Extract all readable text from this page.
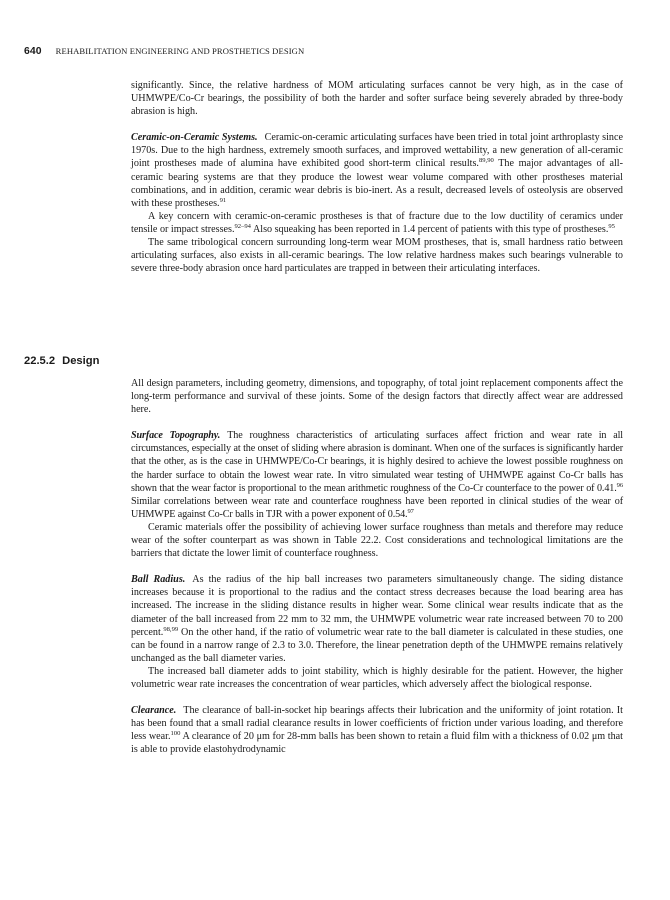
640 REHABILITATION ENGINEERING AND PROSTHETICS DESIGN

significantly. Since, the relative hardness of MOM articulating surfaces cannot be very high, as in the case of UHMWPE/Co-Cr bearings, the possibility of both the harder and softer surface being severely abraded by three-body abrasion is high.

Ceramic-on-Ceramic Systems. Ceramic-on-ceramic articulating surfaces have been tried in total joint arthroplasty since 1970s. Due to the high hardness, extremely smooth surfaces, and improved wettability, a new generation of all-ceramic joint prostheses made of alumina have exhibited good short-term clinical results.$^{89,90}$ The major advantages of all-ceramic bearing systems are that they produce the lowest wear volume compared with other prostheses material combinations, and in addition, ceramic wear debris is bio-inert. As a result, decreased levels of osteolysis are observed with these prostheses.$^{91}$

A key concern with ceramic-on-ceramic prostheses is that of fracture due to the low ductility of ceramics under tensile or impact stresses.$^{92-94}$ Also squeaking has been reported in 1.4 percent of patients with this type of prostheses.$^{95}$

The same tribological concern surrounding long-term wear MOM prostheses, that is, small hardness ratio between articulating surfaces, also exists in all-ceramic bearings. The low relative hardness makes such bearings vulnerable to severe three-body abrasion once hard particulates are trapped in between their articulating interfaces.

22.5.2 Design

All design parameters, including geometry, dimensions, and topography, of total joint replacement components affect the long-term performance and survival of these joints. Some of the design factors that directly affect wear are addressed here.

Surface Topography. The roughness characteristics of articulating surfaces affect friction and wear rate in all circumstances, especially at the onset of sliding where abrasion is dominant. When one of the surfaces is significantly harder that the other, as is the case in UHMWPE/Co-Cr bearings, it is highly desired to achieve the lowest possible roughness on the harder surface to obtain the lowest wear rate. In vitro simulated wear testing of UHMWPE against Co-Cr balls has shown that the wear factor is proportional to the mean arithmetic roughness of the Co-Cr counterface to the power of 0.41.96 Similar correlations between wear rate and counterface roughness have been reported in clinical studies of the wear of UHMWPE against Co-Cr balls in TJR with a power exponent of 0.54.97

Ceramic materials offer the possibility of achieving lower surface roughness than metals and therefore may reduce wear of the softer counterpart as was shown in Table 22.2. Cost considerations and technological limitations are the barriers that dictate the lower limit of counterface roughness.

Ball Radius. As the radius of the hip ball increases two parameters simultaneously change. The siding distance increases because it is proportional to the radius and the contact stress decreases because the load bearing area has increased. The increase in the sliding distance results in higher wear. Some clinical wear results indicate that as the diameter of the ball increased from 22 mm to 32 mm, the UHMWPE volumetric wear rate increased between 70 to 200 percent.$^{98,99}$ On the other hand, if the ratio of volumetric wear rate to the ball diameter is calculated in these studies, one can be found in a narrow range of 2.3 to 3.0. Therefore, the linear penetration depth of the UHMWPE remains relatively unchanged as the ball diameter varies.

The increased ball diameter adds to joint stability, which is highly desirable for the patient. However, the higher volumetric wear rate increases the concentration of wear particles, which adversely affect the biological response.

Clearance. The clearance of ball-in-socket hip bearings affects their lubrication and the uniformity of joint rotation. It has been found that a small radial clearance results in lower coefficients of friction under various loading, and therefore less wear.$^{100}$ A clearance of 20 μm for 28-mm balls has been shown to retain a fluid film with a thickness of 0.02 μm that is able to provide elastohydrodynamic
